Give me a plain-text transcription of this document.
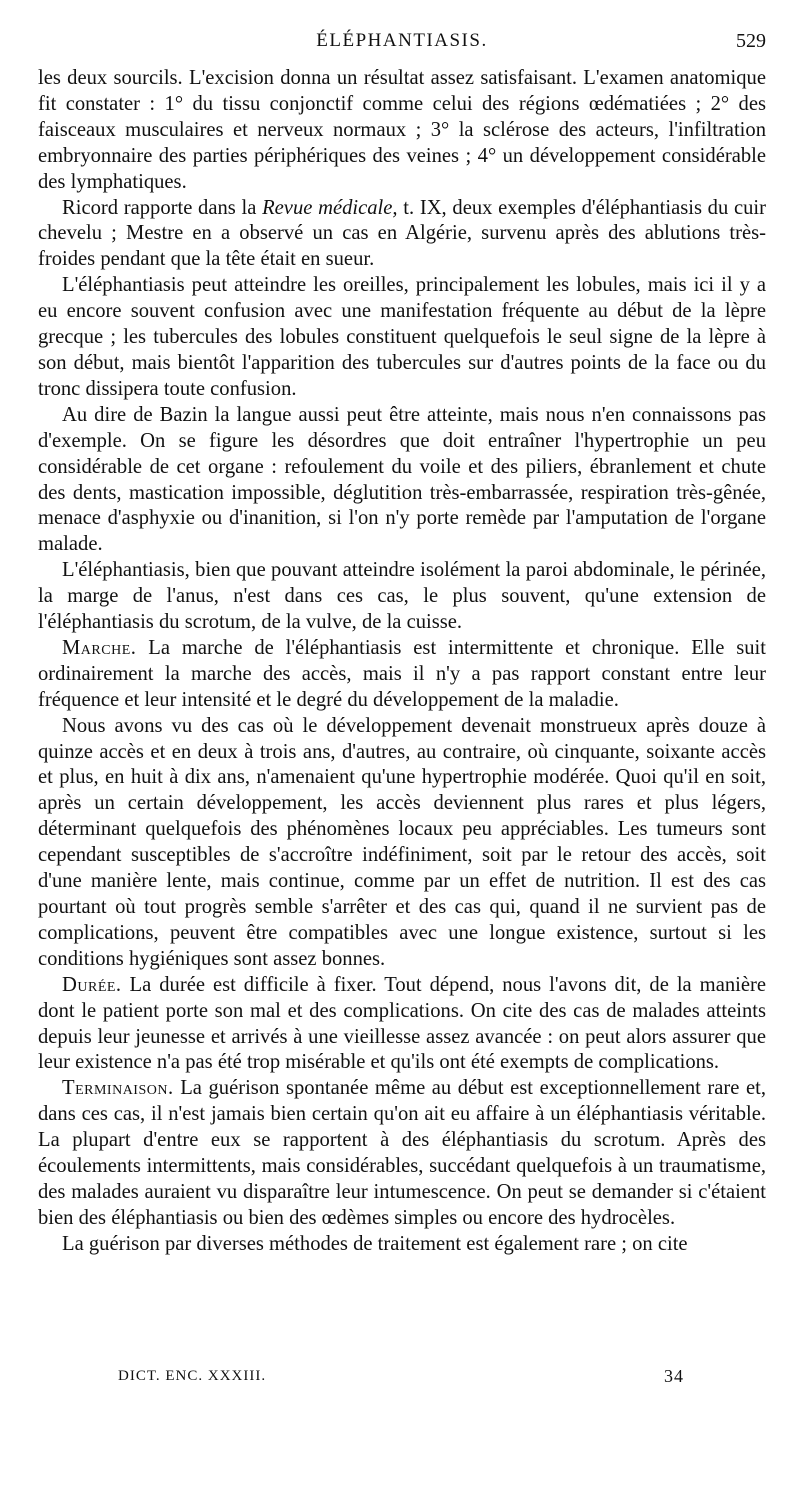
ÉLÉPHANTIASIS.	529

les deux sourcils. L'excision donna un résultat assez satisfaisant. L'examen anatomique fit constater : 1° du tissu conjonctif comme celui des régions œdématiées ; 2° des faisceaux musculaires et nerveux normaux ; 3° la sclérose des acteurs, l'infiltration embryonnaire des parties périphériques des veines ; 4° un développement considérable des lymphatiques.

Ricord rapporte dans la Revue médicale, t. IX, deux exemples d'éléphantiasis du cuir chevelu ; Mestre en a observé un cas en Algérie, survenu après des ablutions très-froides pendant que la tête était en sueur.

L'éléphantiasis peut atteindre les oreilles, principalement les lobules, mais ici il y a eu encore souvent confusion avec une manifestation fréquente au début de la lèpre grecque ; les tubercules des lobules constituent quelquefois le seul signe de la lèpre à son début, mais bientôt l'apparition des tubercules sur d'autres points de la face ou du tronc dissipera toute confusion.

Au dire de Bazin la langue aussi peut être atteinte, mais nous n'en connaissons pas d'exemple. On se figure les désordres que doit entraîner l'hypertrophie un peu considérable de cet organe : refoulement du voile et des piliers, ébranlement et chute des dents, mastication impossible, déglutition très-embarrassée, respiration très-gênée, menace d'asphyxie ou d'inanition, si l'on n'y porte remède par l'amputation de l'organe malade.

L'éléphantiasis, bien que pouvant atteindre isolément la paroi abdominale, le périnée, la marge de l'anus, n'est dans ces cas, le plus souvent, qu'une extension de l'éléphantiasis du scrotum, de la vulve, de la cuisse.

Marche. La marche de l'éléphantiasis est intermittente et chronique. Elle suit ordinairement la marche des accès, mais il n'y a pas rapport constant entre leur fréquence et leur intensité et le degré du développement de la maladie.

Nous avons vu des cas où le développement devenait monstrueux après douze à quinze accès et en deux à trois ans, d'autres, au contraire, où cinquante, soixante accès et plus, en huit à dix ans, n'amenaient qu'une hypertrophie modérée. Quoi qu'il en soit, après un certain développement, les accès deviennent plus rares et plus légers, déterminant quelquefois des phénomènes locaux peu appréciables. Les tumeurs sont cependant susceptibles de s'accroître indéfiniment, soit par le retour des accès, soit d'une manière lente, mais continue, comme par un effet de nutrition. Il est des cas pourtant où tout progrès semble s'arrêter et des cas qui, quand il ne survient pas de complications, peuvent être compatibles avec une longue existence, surtout si les conditions hygiéniques sont assez bonnes.

Durée. La durée est difficile à fixer. Tout dépend, nous l'avons dit, de la manière dont le patient porte son mal et des complications. On cite des cas de malades atteints depuis leur jeunesse et arrivés à une vieillesse assez avancée : on peut alors assurer que leur existence n'a pas été trop misérable et qu'ils ont été exempts de complications.

Terminaison. La guérison spontanée même au début est exceptionnellement rare et, dans ces cas, il n'est jamais bien certain qu'on ait eu affaire à un éléphantiasis véritable. La plupart d'entre eux se rapportent à des éléphantiasis du scrotum. Après des écoulements intermittents, mais considérables, succédant quelquefois à un traumatisme, des malades auraient vu disparaître leur intumescence. On peut se demander si c'étaient bien des éléphantiasis ou bien des œdèmes simples ou encore des hydrocèles.

La guérison par diverses méthodes de traitement est également rare ; on cite

DICT. ENC. XXXIII.	34
